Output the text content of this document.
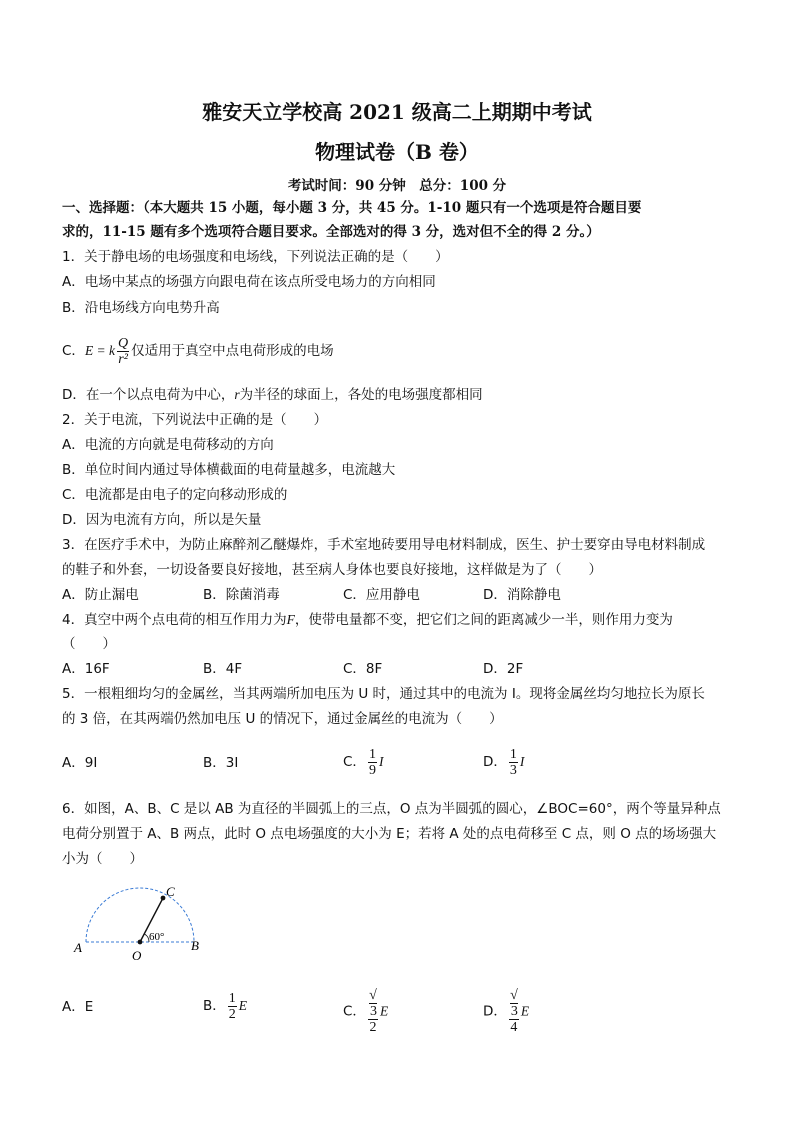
雅安天立学校高 2021 级高二上期期中考试
物理试卷（B 卷）
考试时间：90 分钟　总分：100 分
一、选择题：（本大题共 15 小题，每小题 3 分，共 45 分。1-10 题只有一个选项是符合题目要
求的，11-15 题有多个选项符合题目要求。全部选对的得 3 分，选对但不全的得 2 分。）
1．关于静电场的电场强度和电场线，下列说法正确的是（　　）
A．电场中某点的场强方向跟电荷在该点所受电场力的方向相同
B．沿电场线方向电势升高
C．E = k $\frac{Q}{\text{r²}}$ 仅适用于真空中点电荷形成的电场
D．在一个以点电荷为中心，r为半径的球面上，各处的电场强度都相同
2．关于电流，下列说法中正确的是（　　）
A．电流的方向就是电荷移动的方向
B．单位时间内通过导体横截面的电荷量越多，电流越大
C．电流都是由电子的定向移动形成的
D．因为电流有方向，所以是矢量
3．在医疗手术中，为防止麻醉剂乙醚爆炸，手术室地砖要用导电材料制成，医生、护士要穿由导电材料制成
的鞋子和外套，一切设备要良好接地，甚至病人身体也要良好接地，这样做是为了（　　）
A．防止漏电	B．除菌消毒	C．应用静电	D．消除静电
4．真空中两个点电荷的相互作用力为F，使带电量都不变，把它们之间的距离减少一半，则作用力变为
（　　）
A．16F	B．4F	C．8F	D．2F
5．一根粗细均匀的金属丝，当其两端所加电压为 U 时，通过其中的电流为 I。现将金属丝均匀地拉长为原长
的 3 倍，在其两端仍然加电压 U 的情况下，通过金属丝的电流为（　　）
A．9I	B．3I	C． $\frac{1}{9}$ I	D． $\frac{1}{3}$ I
6．如图，A、B、C 是以 AB 为直径的半圆弧上的三点，O 点为半圆弧的圆心，∠BOC=60°，两个等量异种点
电荷分别置于 A、B 两点，此时 O 点电场强度的大小为 E；若将 A 处的点电荷移至 C 点，则 O 点的场场强大
小为（　　）
A	B
C
O
60°
A．E	B． $\frac{1}{2}$ E	C． √
3
2 E	D． √
3
4 E
